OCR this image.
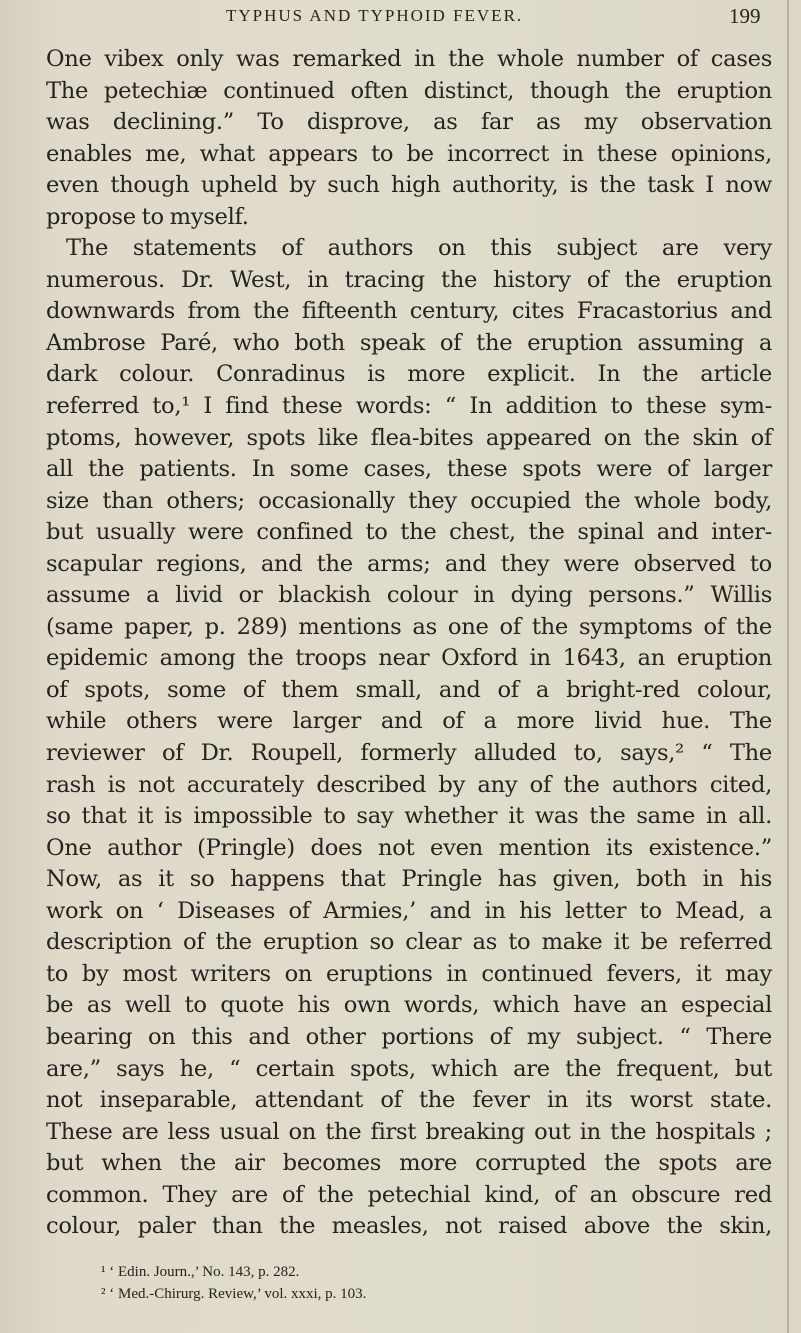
TYPHUS AND TYPHOID FEVER.	199
One vibex only was remarked in the whole number of cases
The petechiæ continued often distinct, though the eruption
was declining.” To disprove, as far as my observation
enables me, what appears to be incorrect in these opinions,
even though upheld by such high authority, is the task I now
propose to myself.
The statements of authors on this subject are very
numerous. Dr. West, in tracing the history of the eruption
downwards from the fifteenth century, cites Fracastorius and
Ambrose Paré, who both speak of the eruption assuming a
dark colour. Conradinus is more explicit. In the article
referred to,¹ I find these words: “ In addition to these sym-
ptoms, however, spots like flea-bites appeared on the skin of
all the patients. In some cases, these spots were of larger
size than others; occasionally they occupied the whole body,
but usually were confined to the chest, the spinal and inter-
scapular regions, and the arms; and they were observed to
assume a livid or blackish colour in dying persons.” Willis
(same paper, p. 289) mentions as one of the symptoms of the
epidemic among the troops near Oxford in 1643, an eruption
of spots, some of them small, and of a bright-red colour,
while others were larger and of a more livid hue. The
reviewer of Dr. Roupell, formerly alluded to, says,² “ The
rash is not accurately described by any of the authors cited,
so that it is impossible to say whether it was the same in all.
One author (Pringle) does not even mention its existence.”
Now, as it so happens that Pringle has given, both in his
work on ‘ Diseases of Armies,’ and in his letter to Mead, a
description of the eruption so clear as to make it be referred
to by most writers on eruptions in continued fevers, it may
be as well to quote his own words, which have an especial
bearing on this and other portions of my subject. “ There
are,” says he, “ certain spots, which are the frequent, but
not inseparable, attendant of the fever in its worst state.
These are less usual on the first breaking out in the hospitals ;
but when the air becomes more corrupted the spots are
common. They are of the petechial kind, of an obscure red
colour, paler than the measles, not raised above the skin,
¹ ‘ Edin. Journ.,’ No. 143, p. 282.
² ‘ Med.-Chirurg. Review,’ vol. xxxi, p. 103.
